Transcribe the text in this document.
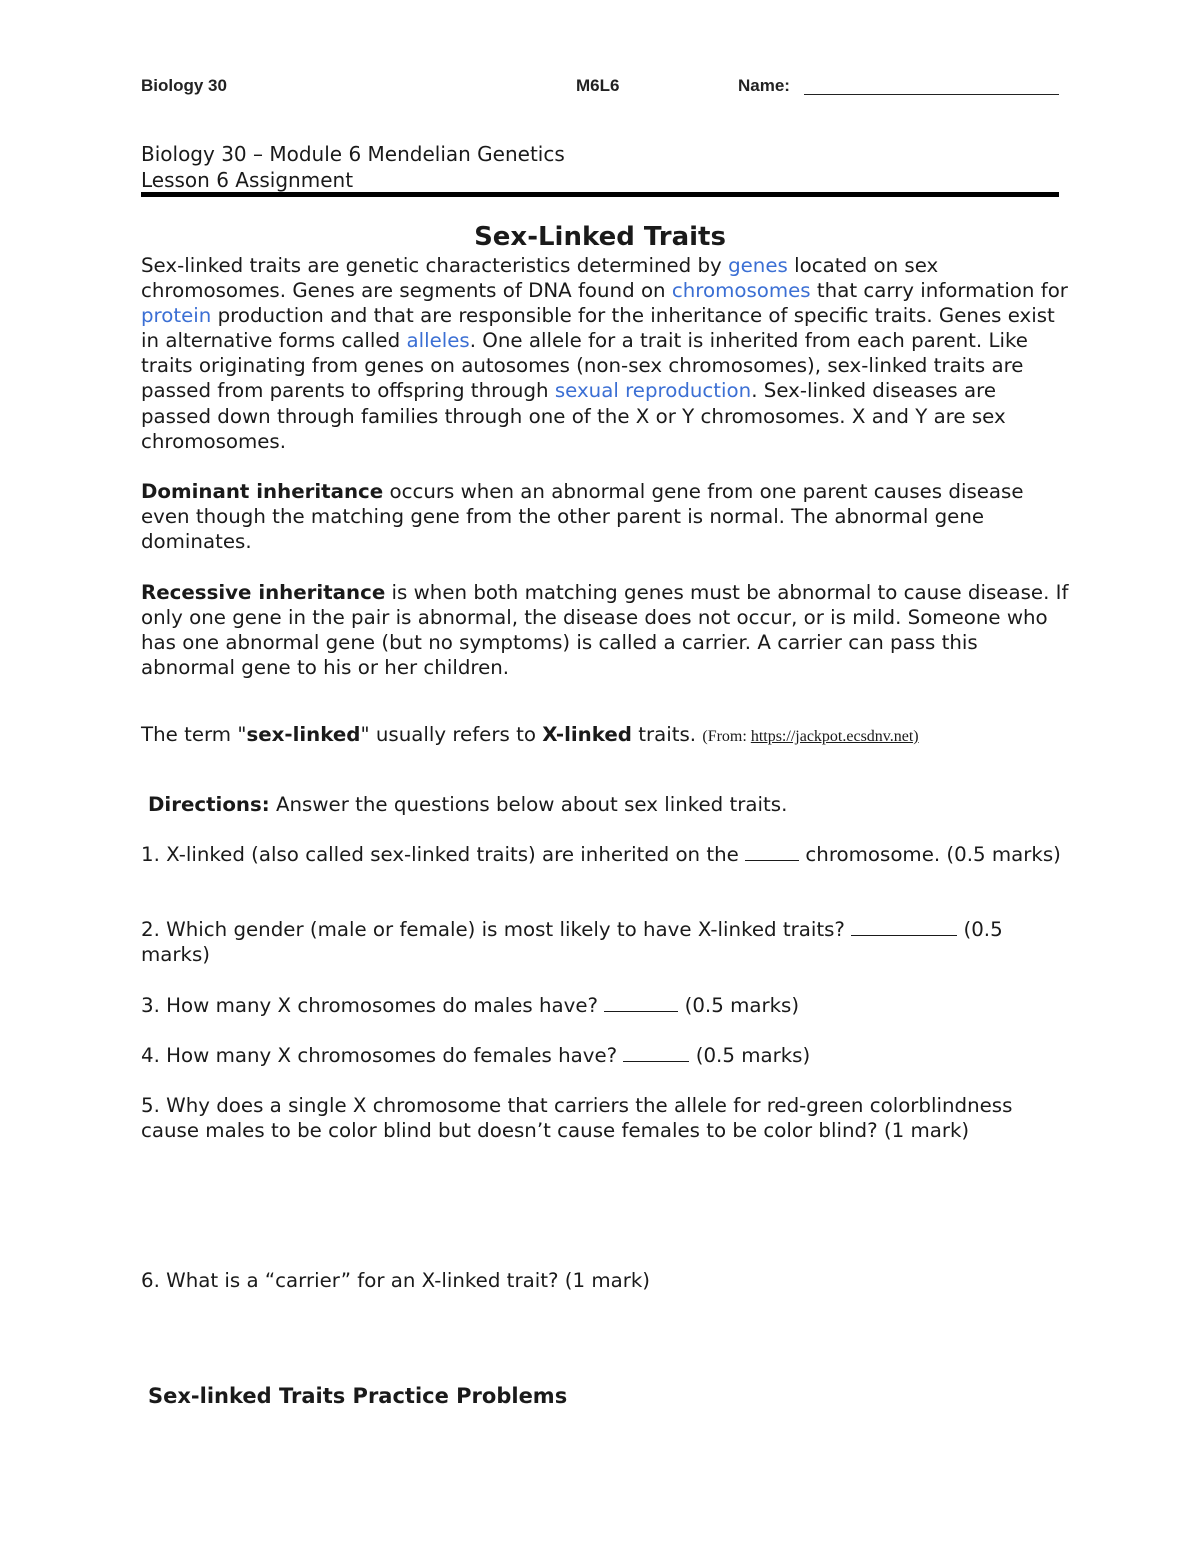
Biology 30	M6L6	Name:
Biology 30 – Module 6 Mendelian Genetics
Lesson 6 Assignment
Sex-Linked Traits
Sex-linked traits are genetic characteristics determined by genes located on sex chromosomes. Genes are segments of DNA found on chromosomes that carry information for protein production and that are responsible for the inheritance of specific traits. Genes exist in alternative forms called alleles. One allele for a trait is inherited from each parent. Like traits originating from genes on autosomes (non-sex chromosomes), sex-linked traits are passed from parents to offspring through sexual reproduction. Sex-linked diseases are passed down through families through one of the X or Y chromosomes. X and Y are sex chromosomes.
Dominant inheritance occurs when an abnormal gene from one parent causes disease even though the matching gene from the other parent is normal. The abnormal gene dominates.
Recessive inheritance is when both matching genes must be abnormal to cause disease. If only one gene in the pair is abnormal, the disease does not occur, or is mild. Someone who has one abnormal gene (but no symptoms) is called a carrier. A carrier can pass this abnormal gene to his or her children.
The term "sex-linked" usually refers to X-linked traits. (From: https://jackpot.ecsdnv.net)
Directions: Answer the questions below about sex linked traits.
1. X-linked (also called sex-linked traits) are inherited on the	chromosome. (0.5 marks)
2. Which gender (male or female) is most likely to have X-linked traits?	(0.5 marks)
3. How many X chromosomes do males have?	(0.5 marks)
4. How many X chromosomes do females have?	(0.5 marks)
5. Why does a single X chromosome that carriers the allele for red-green colorblindness cause males to be color blind but doesn’t cause females to be color blind? (1 mark)
6. What is a “carrier” for an X-linked trait? (1 mark)
Sex-linked Traits Practice Problems
